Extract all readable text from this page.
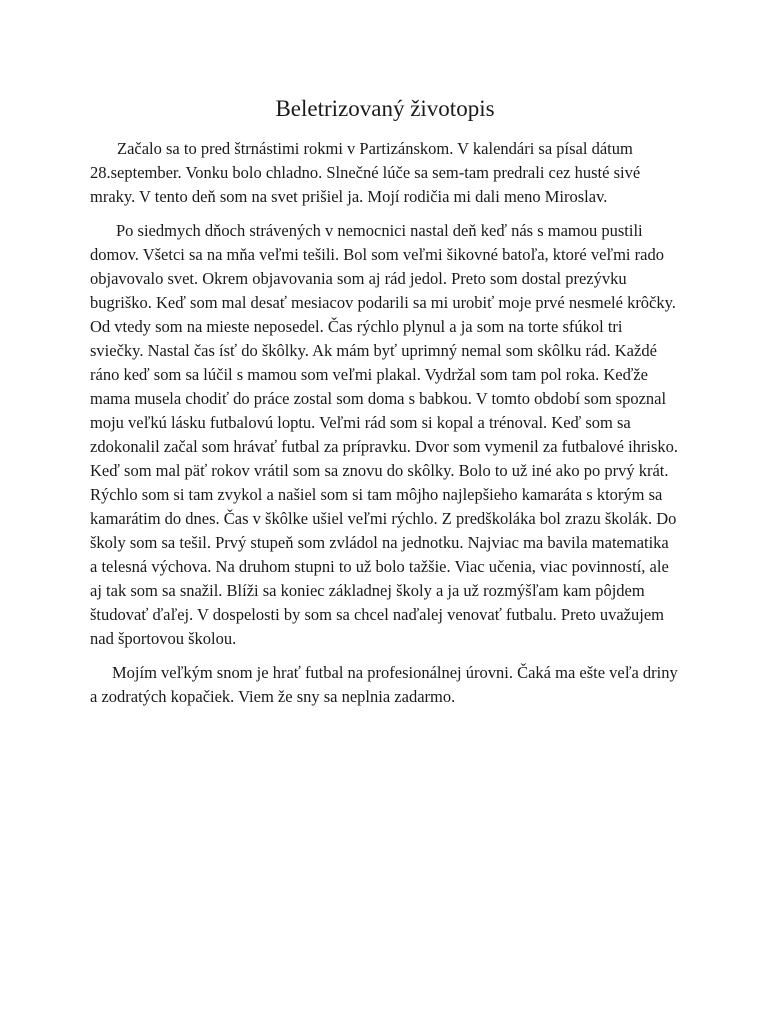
Beletrizovaný životopis

Začalo sa to pred štrnástimi rokmi v Partizánskom. V kalendári sa písal dátum 28.september. Vonku bolo chladno. Slnečné lúče sa sem-tam predrali cez husté sivé mraky. V tento deň som na svet prišiel ja. Mojí rodičia mi dali meno Miroslav.

Po siedmych dňoch strávených v nemocnici nastal deň keď nás s mamou pustili domov. Všetci sa na mňa veľmi tešili. Bol som veľmi šikovné batoľa, ktoré veľmi rado objavovalo svet. Okrem objavovania som aj rád jedol. Preto som dostal prezývku bugriško. Keď som mal desať mesiacov podarili sa mi urobiť moje prvé nesmelé krôčky. Od vtedy som na mieste neposedel. Čas rýchlo plynul a ja som na torte sfúkol tri sviečky. Nastal čas ísť do škôlky. Ak mám byť uprimný nemal som skôlku rád. Každé ráno keď som sa lúčil s mamou som veľmi plakal. Vydržal som tam pol roka. Keďže mama musela chodiť do práce zostal som doma s babkou. V tomto období som spoznal moju veľkú lásku futbalovú loptu. Veľmi rád som si kopal a trénoval. Keď som sa zdokonalil začal som hrávať futbal za prípravku. Dvor som vymenil za futbalové ihrisko. Keď som mal päť rokov vrátil som sa znovu do skôlky. Bolo to už iné ako po prvý krát. Rýchlo som si tam zvykol a našiel som si tam môjho najlepšieho kamaráta s ktorým sa kamarátim do dnes. Čas v škôlke ušiel veľmi rýchlo. Z predškoláka bol zrazu školák. Do školy som sa tešil. Prvý stupeň som zvládol na jednotku. Najviac ma bavila matematika a telesná výchova. Na druhom stupni to už bolo tažšie. Viac učenia, viac povinností, ale aj tak som sa snažil. Blíži sa koniec základnej školy a ja už rozmýšľam kam pôjdem študovať ďaľej. V dospelosti by som sa chcel naďalej venovať futbalu. Preto uvažujem nad športovou školou.

Mojím veľkým snom je hrať futbal na profesionálnej úrovni. Čaká ma ešte veľa driny a zodratých kopačiek. Viem že sny sa neplnia zadarmo.
